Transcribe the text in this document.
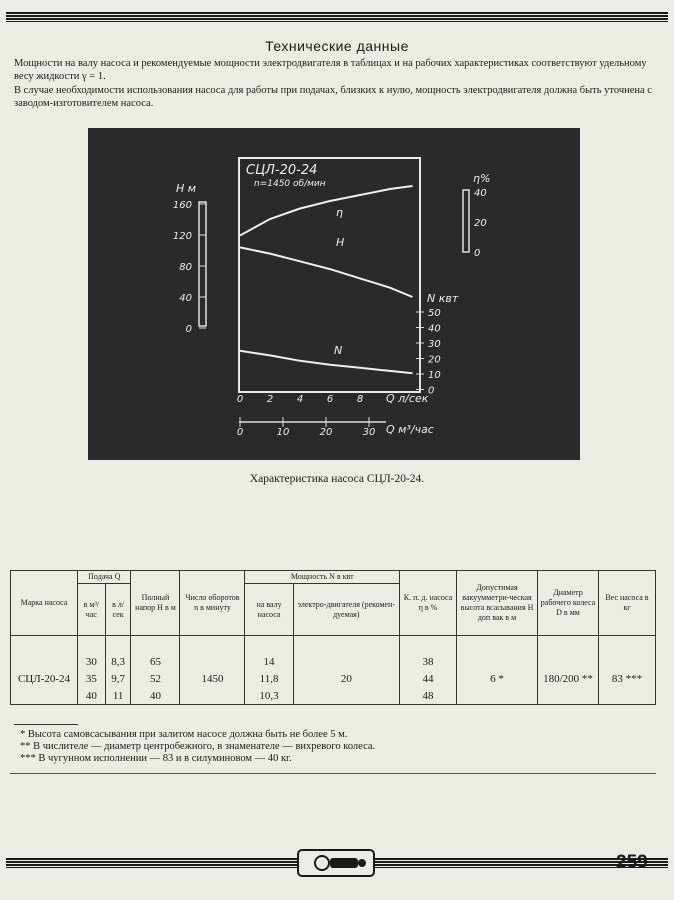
Технические данные
Мощности на валу насоса и рекомендуемые мощности электродвигателя в таблицах и на рабочих характеристиках соответствуют удельному весу жидкости γ = 1.
В случае необходимости использования насоса для работы при подачах, близких к нулю, мощность электродвигателя должна быть уточнена с заводом-изготовителем насоса.
СЦЛ-20-24
n=1450 об/мин
H м
160
120
80
40
0
η%
40
20
0
N квт
50
40
30
20
10
0
Q л/сек
0 2 4 6 8
Q м³/час
0	10	20	30
η
H
N
Характеристика насоса СЦЛ-20-24.
Марка насоса	Подача Q		Полный напор H в м	Число оборотов n в минуту	Мощность N в квт		К. п. д. насоса η в %	Допустимая вакуумметри-ческая высота всасывания H доп вак в м	Диаметр рабочего колеса D в мм	Вес насоса в кг
	в м³/час	в л/сек			на валу насоса	электро-двигателя (рекомен-дуемая)				

	30	8,3	65		14		38			
СЦЛ-20-24	35	9,7	52	1450	11,8	20	44	6 *	180/200 **	83 ***
	40	11	40		10,3		48			
* Высота самовсасывания при залитом насосе должна быть не более 5 м.
** В числителе — диаметр центробежного, в знаменателе — вихревого колеса.
*** В чугунном исполнении — 83 и в силуминовом — 40 кг.
259
